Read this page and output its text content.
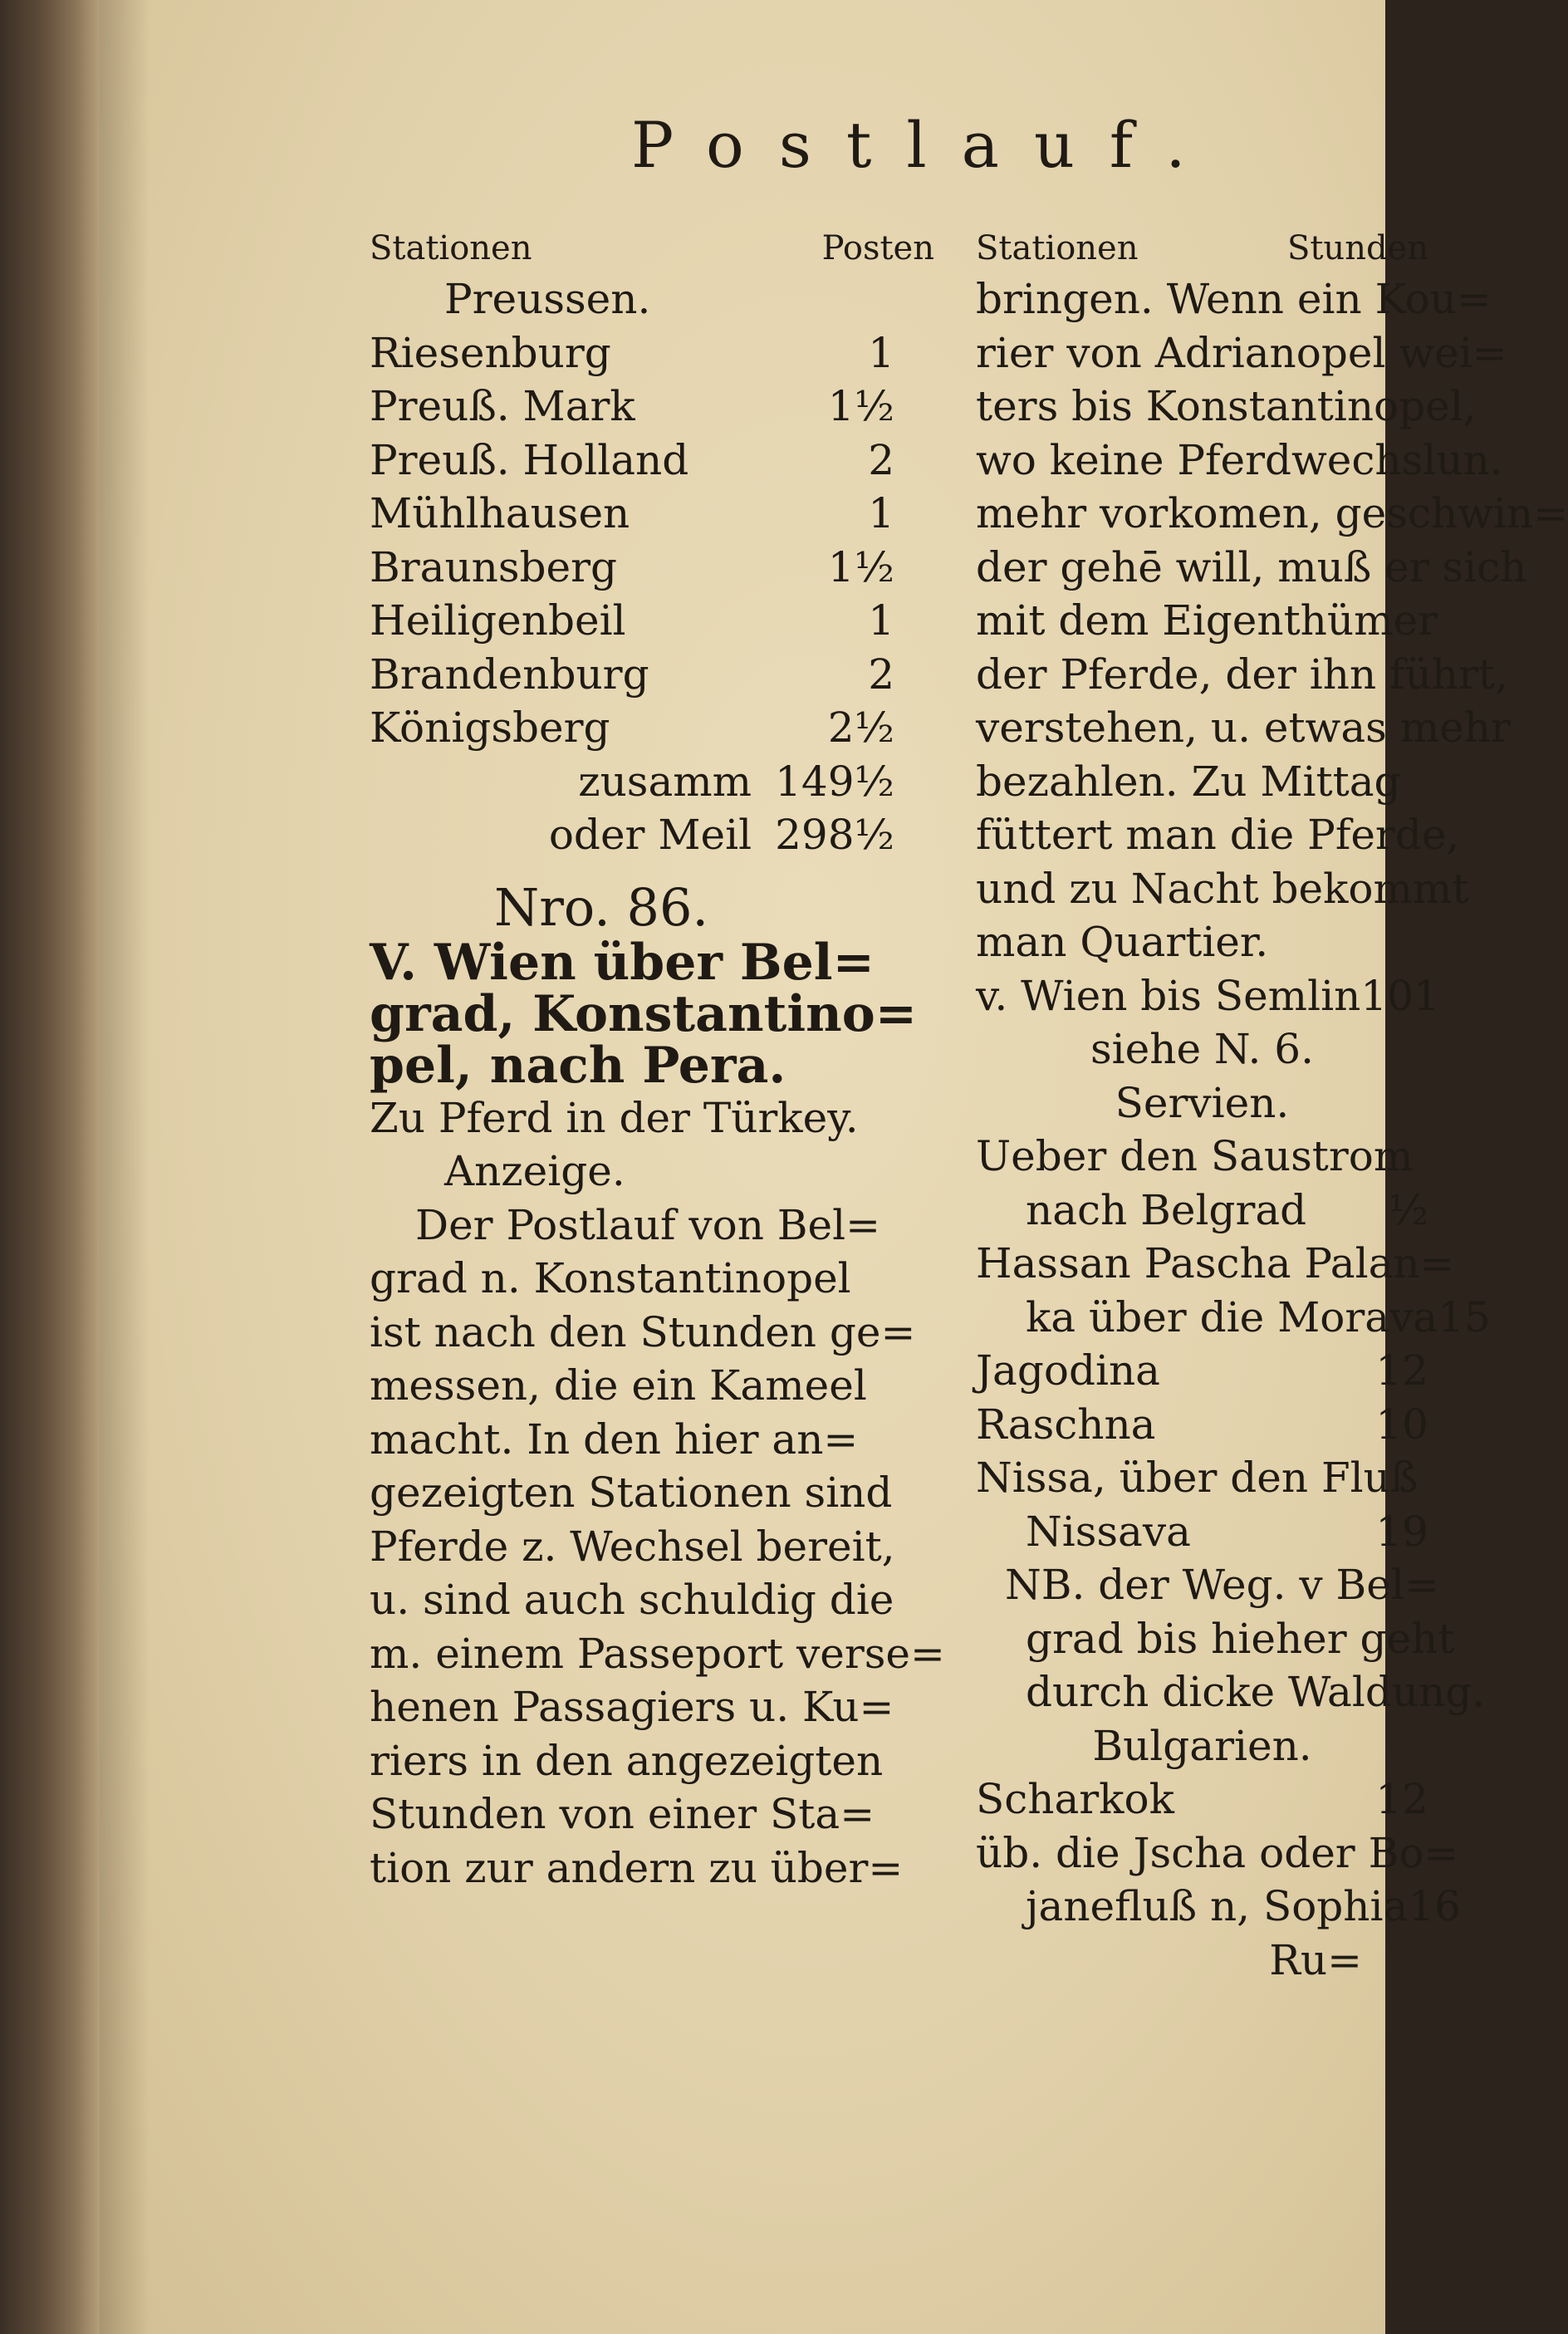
Postlauf.
Stationen	Posten
Preussen.
Riesenburg	1
Preuß. Mark	1½
Preuß. Holland	2
Mühlhausen	1
Braunsberg	1½
Heiligenbeil	1
Brandenburg	2
Königsberg	2½
zusamm 149½
oder Meil 298½
Nro. 86.
V. Wien über Bel=
grad, Konstantino=
pel, nach Pera.
Zu Pferd in der Türkey.
Anzeige.
Der Postlauf von Bel=
grad n. Konstantinopel
ist nach den Stunden ge=
messen, die ein Kameel
macht. In den hier an=
gezeigten Stationen sind
Pferde z. Wechsel bereit,
u. sind auch schuldig die
m. einem Passeport verse=
henen Passagiers u. Ku=
riers in den angezeigten
Stunden von einer Sta=
tion zur andern zu über=
Stationen	Stunden
bringen. Wenn ein Kou=
rier von Adrianopel wei=
ters bis Konstantinopel,
wo keine Pferdwechslun.
mehr vorkomen, geschwin=
der gehē will, muß er sich
mit dem Eigenthümer
der Pferde, der ihn führt,
verstehen, u. etwas mehr
bezahlen. Zu Mittag
füttert man die Pferde,
und zu Nacht bekommt
man Quartier.
v. Wien bis Semlin 101
siehe N. 6.
Servien.
Ueber den Saustrom
nach Belgrad ½
Hassan Pascha Palan=
ka über die Morava 15
Jagodina	12
Raschna	10
Nissa, über den Fluß
Nissava	19
NB. der Weg. v Bel=
grad bis hieher geht
durch dicke Waldung.
Bulgarien.
Scharkok	12
üb. die Jscha oder Bo=
janefluß n, Sophia 16
Ru=
